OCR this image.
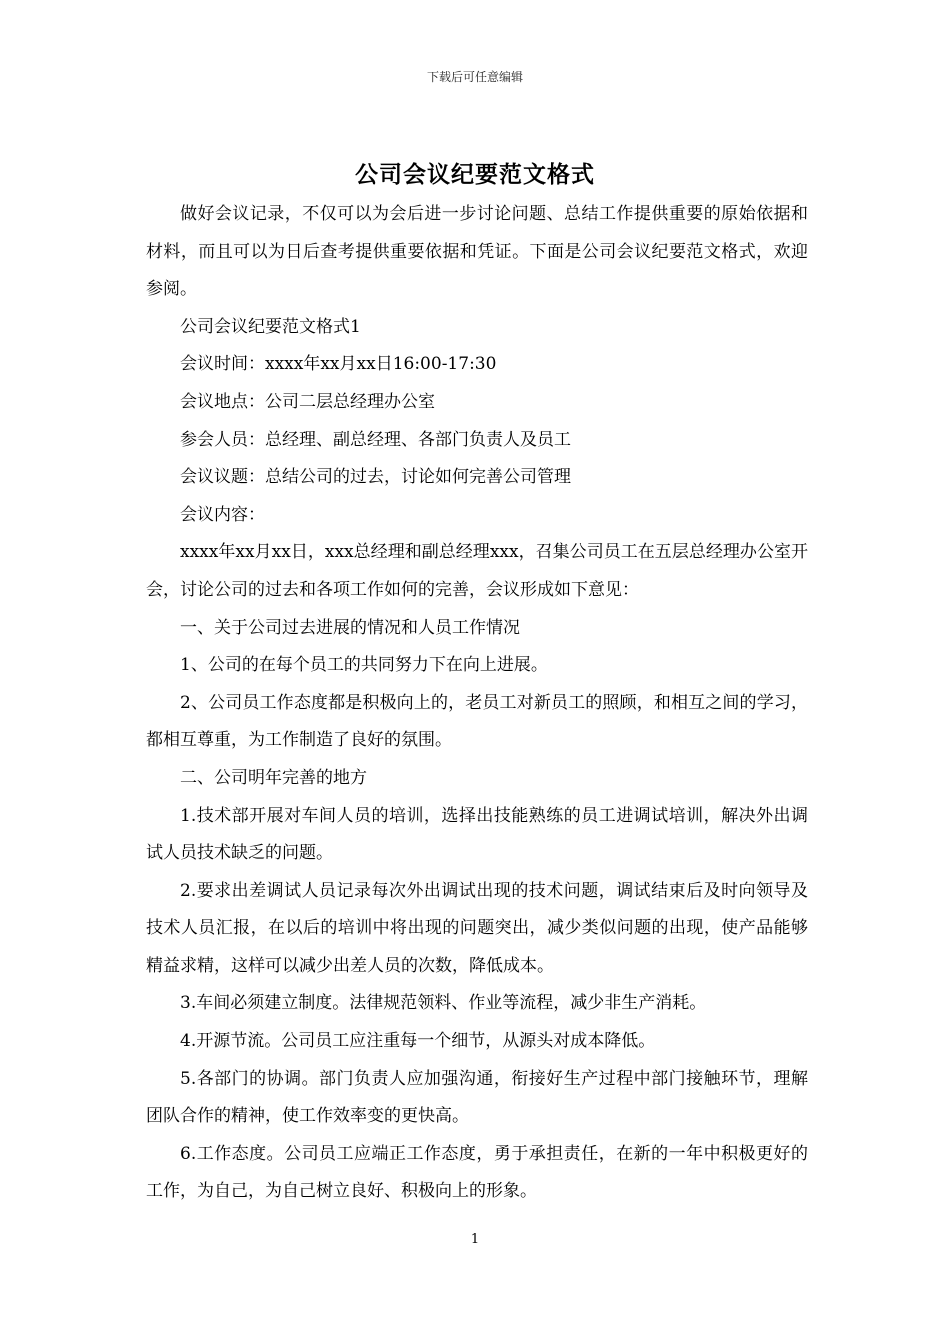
下载后可任意编辑
公司会议纪要范文格式

做好会议记录，不仅可以为会后进一步讨论问题、总结工作提供重要的原始依据和材料，而且可以为日后查考提供重要依据和凭证。下面是公司会议纪要范文格式，欢迎参阅。

公司会议纪要范文格式1

会议时间：xxxx年xx月xx日16:00-17:30

会议地点：公司二层总经理办公室

参会人员：总经理、副总经理、各部门负责人及员工

会议议题：总结公司的过去，讨论如何完善公司管理

会议内容：

xxxx年xx月xx日，xxx总经理和副总经理xxx，召集公司员工在五层总经理办公室开会，讨论公司的过去和各项工作如何的完善，会议形成如下意见：

一、关于公司过去进展的情况和人员工作情况

1、公司的在每个员工的共同努力下在向上进展。

2、公司员工作态度都是积极向上的，老员工对新员工的照顾，和相互之间的学习，都相互尊重，为工作制造了良好的氛围。

二、公司明年完善的地方

1.技术部开展对车间人员的培训，选择出技能熟练的员工进调试培训，解决外出调试人员技术缺乏的问题。

2.要求出差调试人员记录每次外出调试出现的技术问题，调试结束后及时向领导及技术人员汇报，在以后的培训中将出现的问题突出，减少类似问题的出现，使产品能够精益求精，这样可以减少出差人员的次数，降低成本。

3.车间必须建立制度。法律规范领料、作业等流程，减少非生产消耗。

4.开源节流。公司员工应注重每一个细节，从源头对成本降低。

5.各部门的协调。部门负责人应加强沟通，衔接好生产过程中部门接触环节，理解团队合作的精神，使工作效率变的更快高。

6.工作态度。公司员工应端正工作态度，勇于承担责任，在新的一年中积极更好的工作，为自己，为自己树立良好、积极向上的形象。

1
